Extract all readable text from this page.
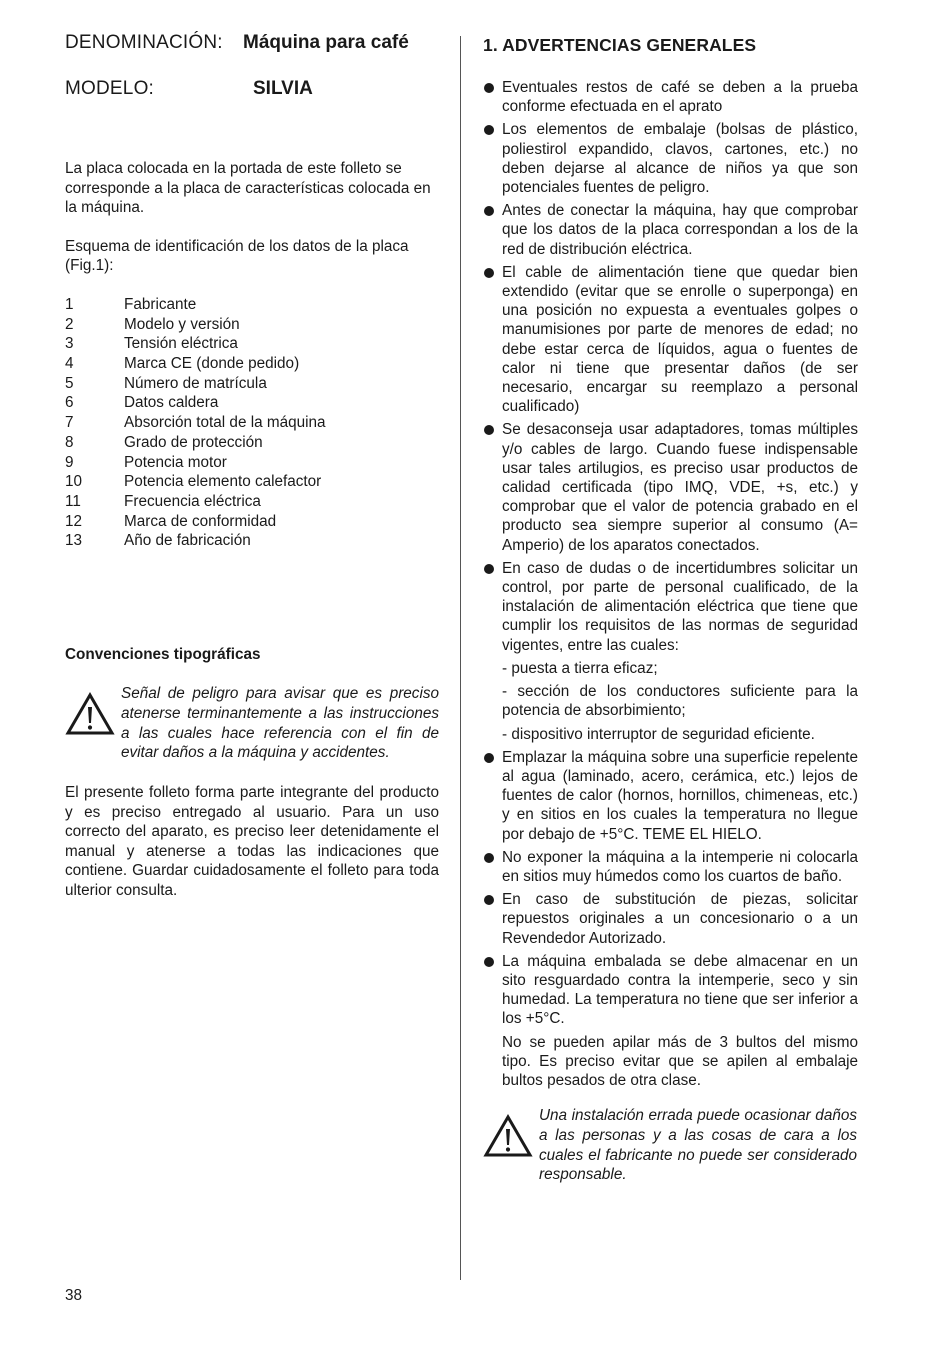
DENOMINACIÓN:	Máquina para café
MODELO:	SILVIA

La placa colocada en la portada de este folleto se corresponde a la placa de características colocada en la máquina.

Esquema de identificación de los datos de la placa (Fig.1):

1	Fabricante
2	Modelo y versión
3	Tensión eléctrica
4	Marca CE (donde pedido)
5	Número de matrícula
6	Datos caldera
7	Absorción total de la máquina
8	Grado de protección
9	Potencia motor
10	Potencia elemento calefactor
11	Frecuencia eléctrica
12	Marca de conformidad
13	Año de fabricación

Convenciones tipográficas

Señal de peligro para avisar que es preciso atenerse terminantemente a las instrucciones a las cuales hace referencia con el fin de evitar daños a la máquina y accidentes.

El presente folleto forma parte integrante del producto y es preciso entregado al usuario. Para un uso correcto del aparato, es preciso leer detenidamente el manual y atenerse a todas las indicaciones que contiene. Guardar cuidadosamente el folleto para toda ulterior consulta.

1. ADVERTENCIAS GENERALES

Eventuales restos de café se deben a la prueba conforme efectuada en el aprato

Los elementos de embalaje (bolsas de plástico, poliestirol expandido, clavos, cartones, etc.) no deben dejarse al alcance de niños ya que son potenciales fuentes de peligro.

Antes de conectar la máquina, hay que comprobar que los datos de la placa correspondan a los de la red de distribución eléctrica.

El cable de alimentación tiene que quedar bien extendido (evitar que se enrolle o superponga) en una posición no expuesta a eventuales golpes o manumisiones por parte de menores de edad; no debe estar cerca de líquidos, agua o fuentes de calor ni tiene que presentar daños (de ser necesario, encargar su reemplazo a personal cualificado)

Se desaconseja usar adaptadores, tomas múltiples y/o cables de largo. Cuando fuese indispensable usar tales artilugios, es preciso usar productos de calidad certificada (tipo IMQ, VDE, +s, etc.) y comprobar que el valor de potencia grabado en el producto sea siempre superior al consumo (A= Amperio) de los aparatos conectados.

En caso de dudas o de incertidumbres solicitar un control, por parte de personal cualificado, de la instalación de alimentación eléctrica que tiene que cumplir los requisitos de las normas de seguridad vigentes, entre las cuales:

- puesta a tierra eficaz;

- sección de los conductores suficiente para la potencia de absorbimiento;

- dispositivo interruptor de seguridad eficiente.

Emplazar la máquina sobre una superficie repelente al agua (laminado, acero, cerámica, etc.) lejos de fuentes de calor (hornos, hornillos, chimeneas, etc.) y en sitios en los cuales la temperatura no llegue por debajo de +5°C. TEME EL HIELO.

No exponer la máquina a la intemperie ni colocarla en sitios muy húmedos como los cuartos de baño.

En caso de substitución de piezas, solicitar repuestos originales a un concesionario o a un Revendedor Autorizado.

La máquina embalada se debe almacenar en un sito resguardado contra la intemperie, seco y sin humedad. La temperatura no tiene que ser inferior a los +5°C.

No se pueden apilar más de 3 bultos del mismo tipo. Es preciso evitar que se apilen al embalaje bultos pesados de otra clase.

Una instalación errada puede ocasionar daños a las personas y a las cosas de cara a los cuales el fabricante no puede ser considerado responsable.

38
